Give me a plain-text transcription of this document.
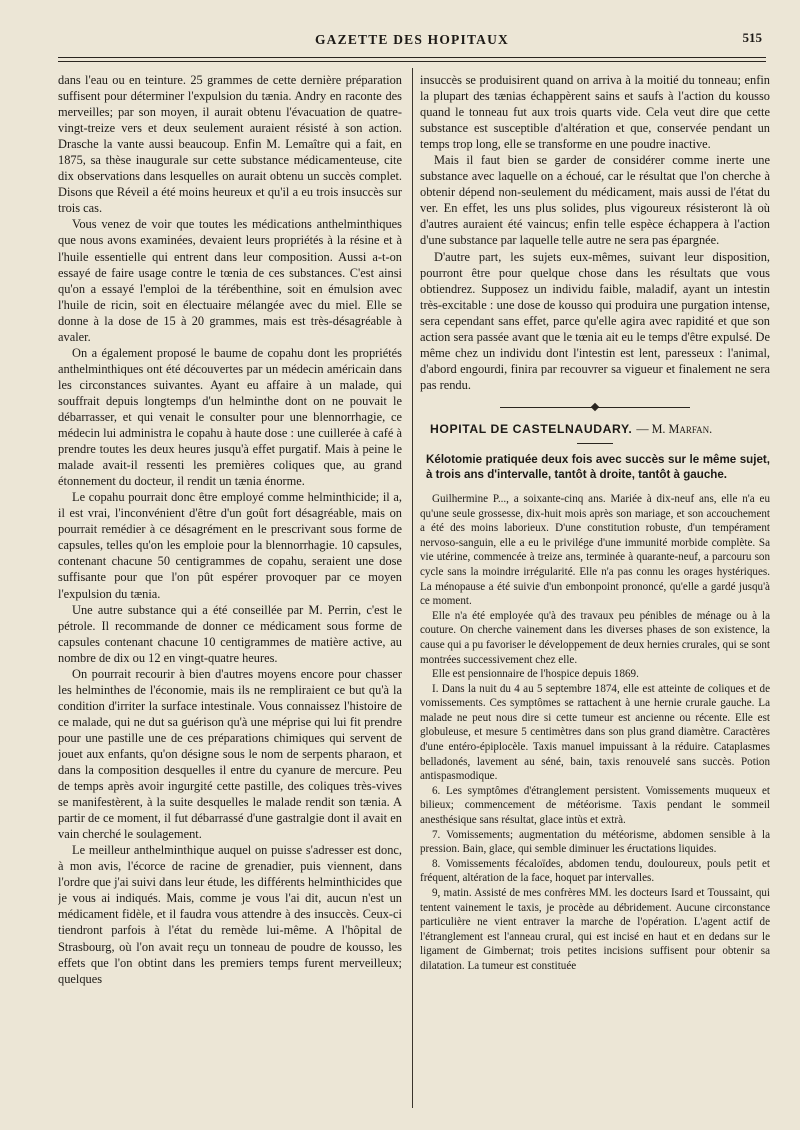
GAZETTE DES HOPITAUX	515

dans l'eau ou en teinture. 25 grammes de cette dernière préparation suffisent pour déterminer l'expulsion du tænia. Andry en raconte des merveilles; par son moyen, il aurait obtenu l'évacuation de quatre-vingt-treize vers et deux seulement auraient résisté à son action. Drasche la vante aussi beaucoup. Enfin M. Lemaître qui a fait, en 1875, sa thèse inaugurale sur cette substance médicamenteuse, cite dix observations dans lesquelles on aurait obtenu un succès complet. Disons que Réveil a été moins heureux et qu'il a eu trois insuccès sur trois cas.

Vous venez de voir que toutes les médications anthelminthiques que nous avons examinées, devaient leurs propriétés à la résine et à l'huile essentielle qui entrent dans leur composition. Aussi a-t-on essayé de faire usage contre le tœnia de ces substances. C'est ainsi qu'on a essayé l'emploi de la térébenthine, soit en émulsion avec l'huile de ricin, soit en électuaire mélangée avec du miel. Elle se donne à la dose de 15 à 20 grammes, mais est très-désagréable à avaler.

On a également proposé le baume de copahu dont les propriétés anthelminthiques ont été découvertes par un médecin américain dans les circonstances suivantes. Ayant eu affaire à un malade, qui souffrait depuis longtemps d'un helminthe dont on ne pouvait le débarrasser, et qui venait le consulter pour une blennorrhagie, ce médecin lui administra le copahu à haute dose : une cuillerée à café à prendre toutes les deux heures jusqu'à effet purgatif. Mais à peine le malade avait-il ressenti les premières coliques que, au grand étonnement du docteur, il rendit un tænia énorme.

Le copahu pourrait donc être employé comme helminthicide; il a, il est vrai, l'inconvénient d'être d'un goût fort désagréable, mais on pourrait remédier à ce désagrément en le prescrivant sous forme de capsules, telles qu'on les emploie pour la blennorrhagie. 10 capsules, contenant chacune 50 centigrammes de copahu, seraient une dose suffisante pour que l'on pût espérer provoquer par ce moyen l'expulsion du tænia.

Une autre substance qui a été conseillée par M. Perrin, c'est le pétrole. Il recommande de donner ce médicament sous forme de capsules contenant chacune 10 centigrammes de matière active, au nombre de dix ou 12 en vingt-quatre heures.

On pourrait recourir à bien d'autres moyens encore pour chasser les helminthes de l'économie, mais ils ne rempliraient ce but qu'à la condition d'irriter la surface intestinale. Vous connaissez l'histoire de ce malade, qui ne dut sa guérison qu'à une méprise qui lui fit prendre pour une pastille une de ces préparations chimiques qui servent de jouet aux enfants, qu'on désigne sous le nom de serpents pharaon, et dans la composition desquelles il entre du cyanure de mercure. Peu de temps après avoir ingurgité cette pastille, des coliques très-vives se manifestèrent, à la suite desquelles le malade rendit son tænia. A partir de ce moment, il fut débarrassé d'une gastralgie dont il avait en vain cherché le soulagement.

Le meilleur anthelminthique auquel on puisse s'adresser est donc, à mon avis, l'écorce de racine de grenadier, puis viennent, dans l'ordre que j'ai suivi dans leur étude, les différents helminthicides que je vous ai indiqués. Mais, comme je vous l'ai dit, aucun n'est un médicament fidèle, et il faudra vous attendre à des insuccès. Ceux-ci tiendront parfois à l'état du remède lui-même. A l'hôpital de Strasbourg, où l'on avait reçu un tonneau de poudre de kousso, les effets que l'on obtint dans les premiers temps furent merveilleux; quelques

insuccès se produisirent quand on arriva à la moitié du tonneau; enfin la plupart des tænias échappèrent sains et saufs à l'action du kousso quand le tonneau fut aux trois quarts vide. Cela veut dire que cette substance est susceptible d'altération et que, conservée pendant un temps trop long, elle se transforme en une poudre inactive.

Mais il faut bien se garder de considérer comme inerte une substance avec laquelle on a échoué, car le résultat que l'on cherche à obtenir dépend non-seulement du médicament, mais aussi de l'état du ver. En effet, les uns plus solides, plus vigoureux résisteront là où d'autres auraient été vaincus; enfin telle espèce échappera à l'action d'une substance par laquelle telle autre ne sera pas épargnée.

D'autre part, les sujets eux-mêmes, suivant leur disposition, pourront être pour quelque chose dans les résultats que vous obtiendrez. Supposez un individu faible, maladif, ayant un intestin très-excitable : une dose de kousso qui produira une purgation intense, sera cependant sans effet, parce qu'elle agira avec rapidité et que son action sera passée avant que le tœnia ait eu le temps d'être expulsé. De même chez un individu dont l'intestin est lent, paresseux : l'animal, d'abord engourdi, finira par recouvrer sa vigueur et finalement ne sera pas rendu.

HOPITAL DE CASTELNAUDARY. — M. Marfan.
Kélotomie pratiquée deux fois avec succès sur le même sujet, à trois ans d'intervalle, tantôt à droite, tantôt à gauche.

Guilhermine P..., a soixante-cinq ans. Mariée à dix-neuf ans, elle n'a eu qu'une seule grossesse, dix-huit mois après son mariage, et son accouchement a été des moins laborieux. D'une constitution robuste, d'un tempérament nervoso-sanguin, elle a eu le privilége d'une immunité morbide complète. Sa vie utérine, commencée à treize ans, terminée à quarante-neuf, a parcouru son cycle sans la moindre irrégularité. Elle n'a pas connu les orages hystériques. La ménopause a été suivie d'un embonpoint prononcé, qu'elle a gardé jusqu'à ce moment.

Elle n'a été employée qu'à des travaux peu pénibles de ménage ou à la couture. On cherche vainement dans les diverses phases de son existence, la cause qui a pu favoriser le développement de deux hernies crurales, qui se sont montrées successivement chez elle.

Elle est pensionnaire de l'hospice depuis 1869.

I. Dans la nuit du 4 au 5 septembre 1874, elle est atteinte de coliques et de vomissements. Ces symptômes se rattachent à une hernie crurale gauche. La malade ne peut nous dire si cette tumeur est ancienne ou récente. Elle est globuleuse, et mesure 5 centimètres dans son plus grand diamètre. Caractères d'une entéro-épiplocèle. Taxis manuel impuissant à la réduire. Cataplasmes belladonés, lavement au séné, bain, taxis renouvelé sans succès. Potion antispasmodique.

6. Les symptômes d'étranglement persistent. Vomissements muqueux et bilieux; commencement de météorisme. Taxis pendant le sommeil anesthésique sans résultat, glace intùs et extrà.

7. Vomissements; augmentation du météorisme, abdomen sensible à la pression. Bain, glace, qui semble diminuer les éructations liquides.

8. Vomissements fécaloïdes, abdomen tendu, douloureux, pouls petit et fréquent, altération de la face, hoquet par intervalles.

9, matin. Assisté de mes confrères MM. les docteurs Isard et Toussaint, qui tentent vainement le taxis, je procède au débridement. Aucune circonstance particulière ne vient entraver la marche de l'opération. L'agent actif de l'étranglement est l'anneau crural, qui est incisé en haut et en dedans sur le ligament de Gimbernat; trois petites incisions suffisent pour obtenir sa dilatation. La tumeur est constituée
